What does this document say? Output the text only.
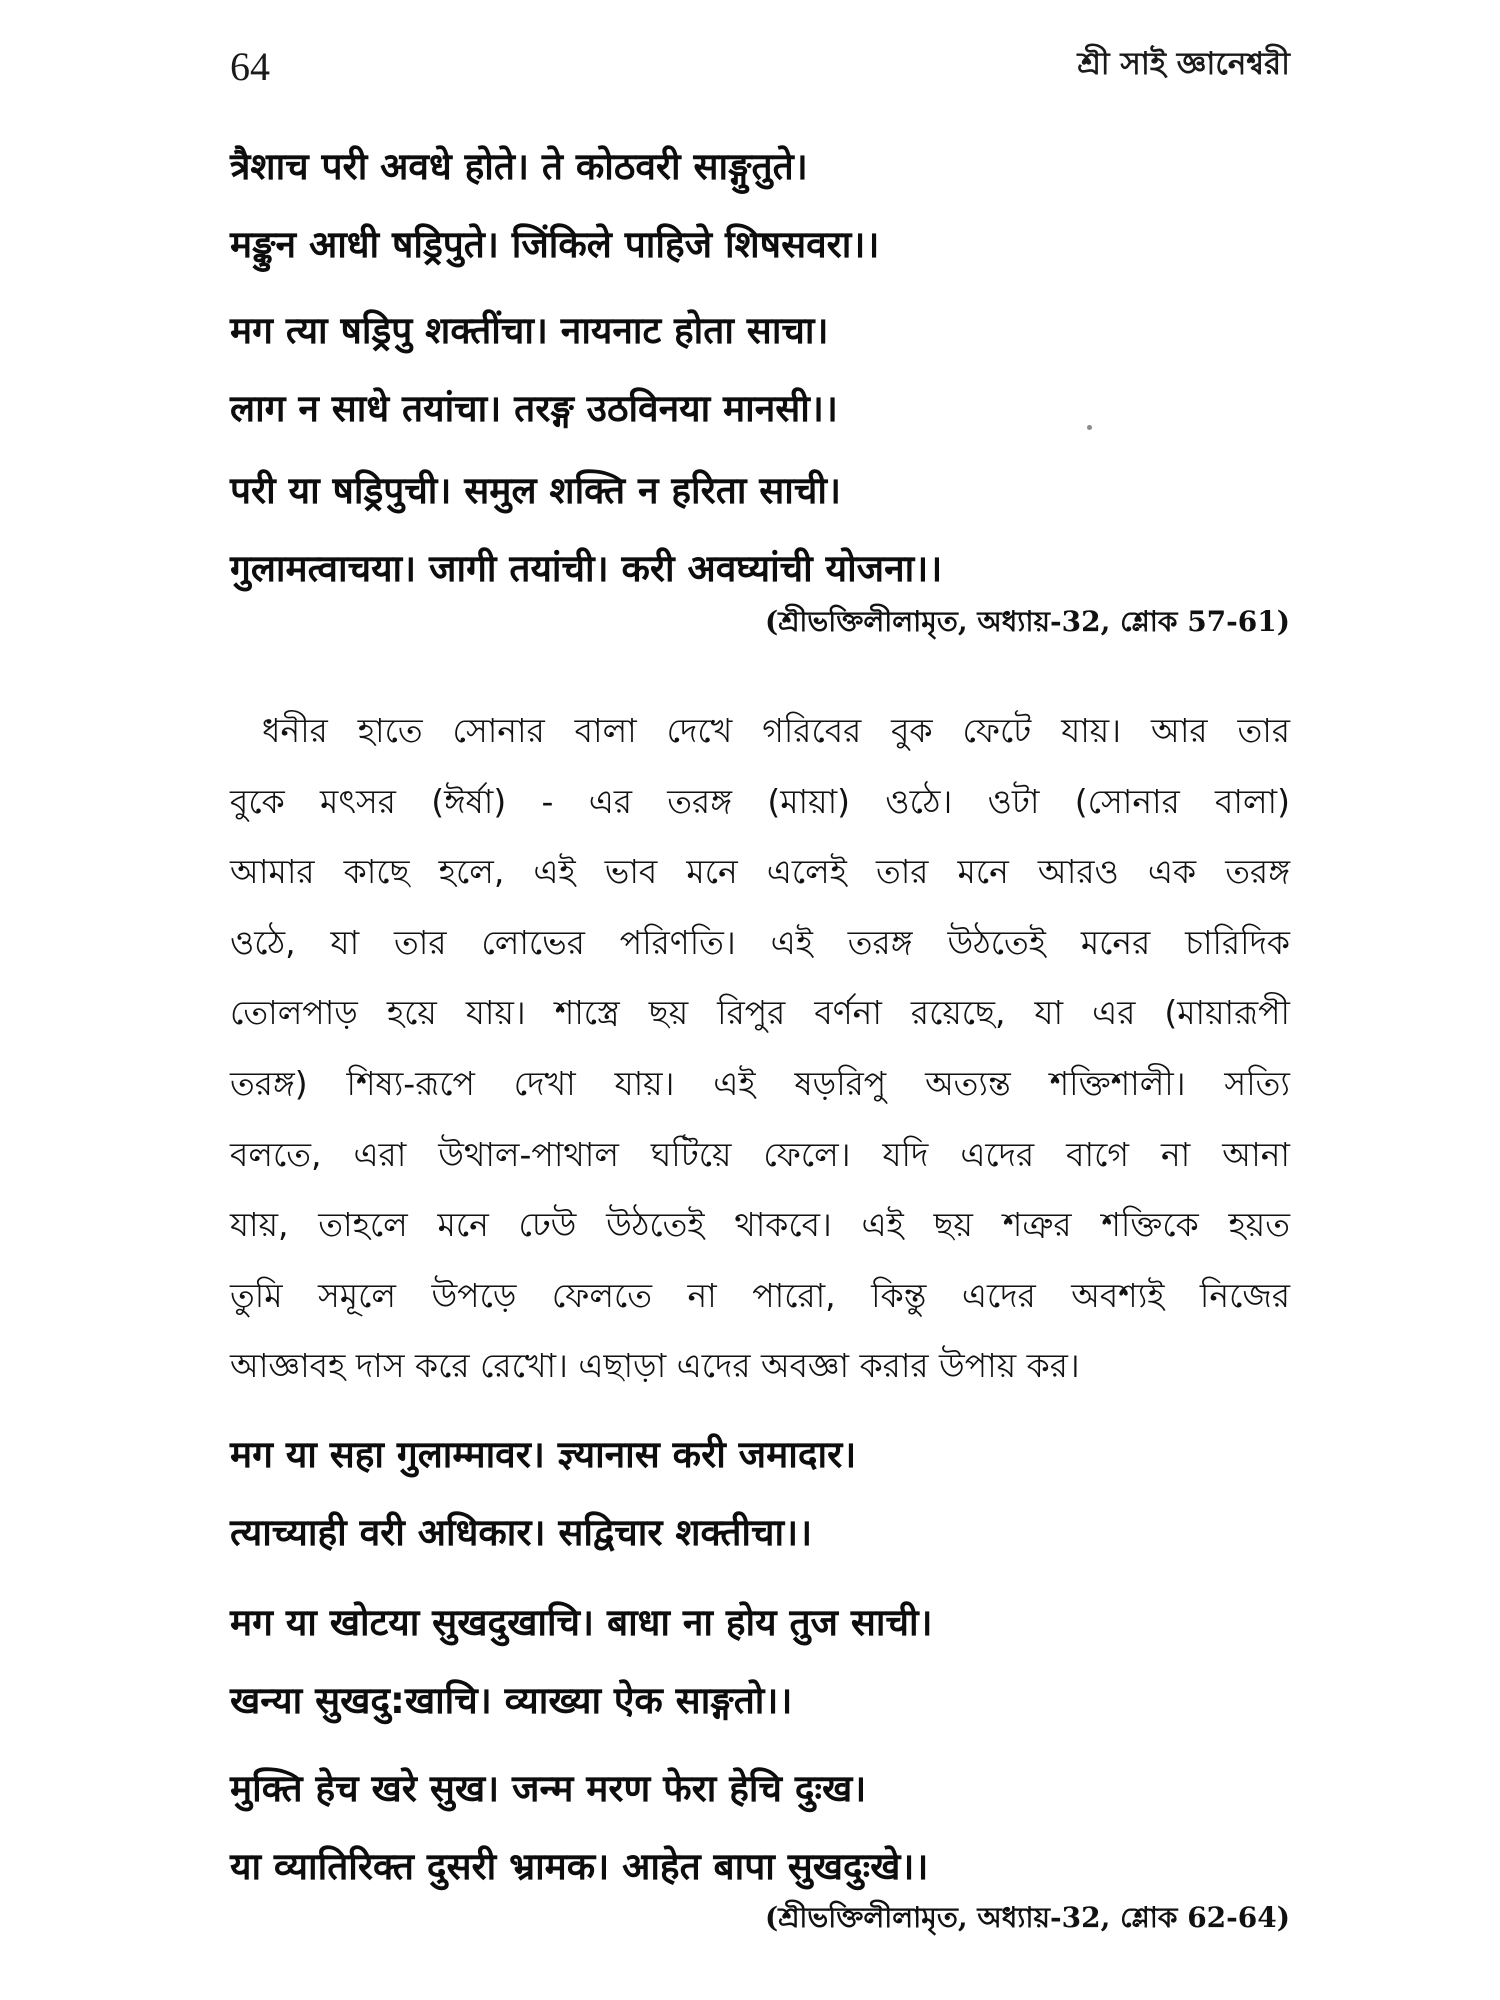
64	শ্রী সাই জ্ঞানেশ্বরী
त्रैशाच परी अवधे होते। ते कोठवरी साङ्गुतुते।
मङ्कुन आधी षड्रिपुते। जिंकिले पाहिजे शिषसवरा।।
मग त्या षड्रिपु शक्तींचा। नायनाट होता साचा।
लाग न साधे तयांचा। तरङ्ग उठविनया मानसी।।
परी या षड्रिपुची। समुल शक्ति न हरिता साची।
गुलामत्वाचया। जागी तयांची। करी अवघ्यांची योजना।।
(শ্রীভক্তিলীলামৃত, অধ্যায়-32, শ্লোক 57-61)
ধনীর হাতে সোনার বালা দেখে গরিবের বুক ফেটে যায়। আর তার
বুকে মৎসর (ঈর্ষা) - এর তরঙ্গ (মায়া) ওঠে। ওটা (সোনার বালা)
আমার কাছে হলে, এই ভাব মনে এলেই তার মনে আরও এক তরঙ্গ
ওঠে, যা তার লোভের পরিণতি। এই তরঙ্গ উঠতেই মনের চারিদিক
তোলপাড় হয়ে যায়। শাস্ত্রে ছয় রিপুর বর্ণনা রয়েছে, যা এর (মায়ারূপী
তরঙ্গ) শিষ্য-রূপে দেখা যায়। এই ষড়রিপু অত্যন্ত শক্তিশালী। সত্যি
বলতে, এরা উথাল-পাথাল ঘটিয়ে ফেলে। যদি এদের বাগে না আনা
যায়, তাহলে মনে ঢেউ উঠতেই থাকবে। এই ছয় শত্রুর শক্তিকে হয়ত
তুমি সমূলে উপড়ে ফেলতে না পারো, কিন্তু এদের অবশ্যই নিজের
আজ্ঞাবহ দাস করে রেখো। এছাড়া এদের অবজ্ঞা করার উপায় কর।
मग या सहा गुलाम्मावर। ज्ञ्यानास करी जमादार।
त्याच्याही वरी अधिकार। सद्विचार शक्तीचा।।
मग या खोटया सुखदुखाचि। बाधा ना होय तुज साची।
खन्या सुखदु:खाचि। व्याख्या ऐक साङ्गतो।।
मुक्ति हेच खरे सुख। जन्म मरण फेरा हेचि दुःख।
या व्यातिरिक्त दुसरी भ्रामक। आहेत बापा सुखदुःखे।।
(শ্রীভক্তিলীলামৃত, অধ্যায়-32, শ্লোক 62-64)
